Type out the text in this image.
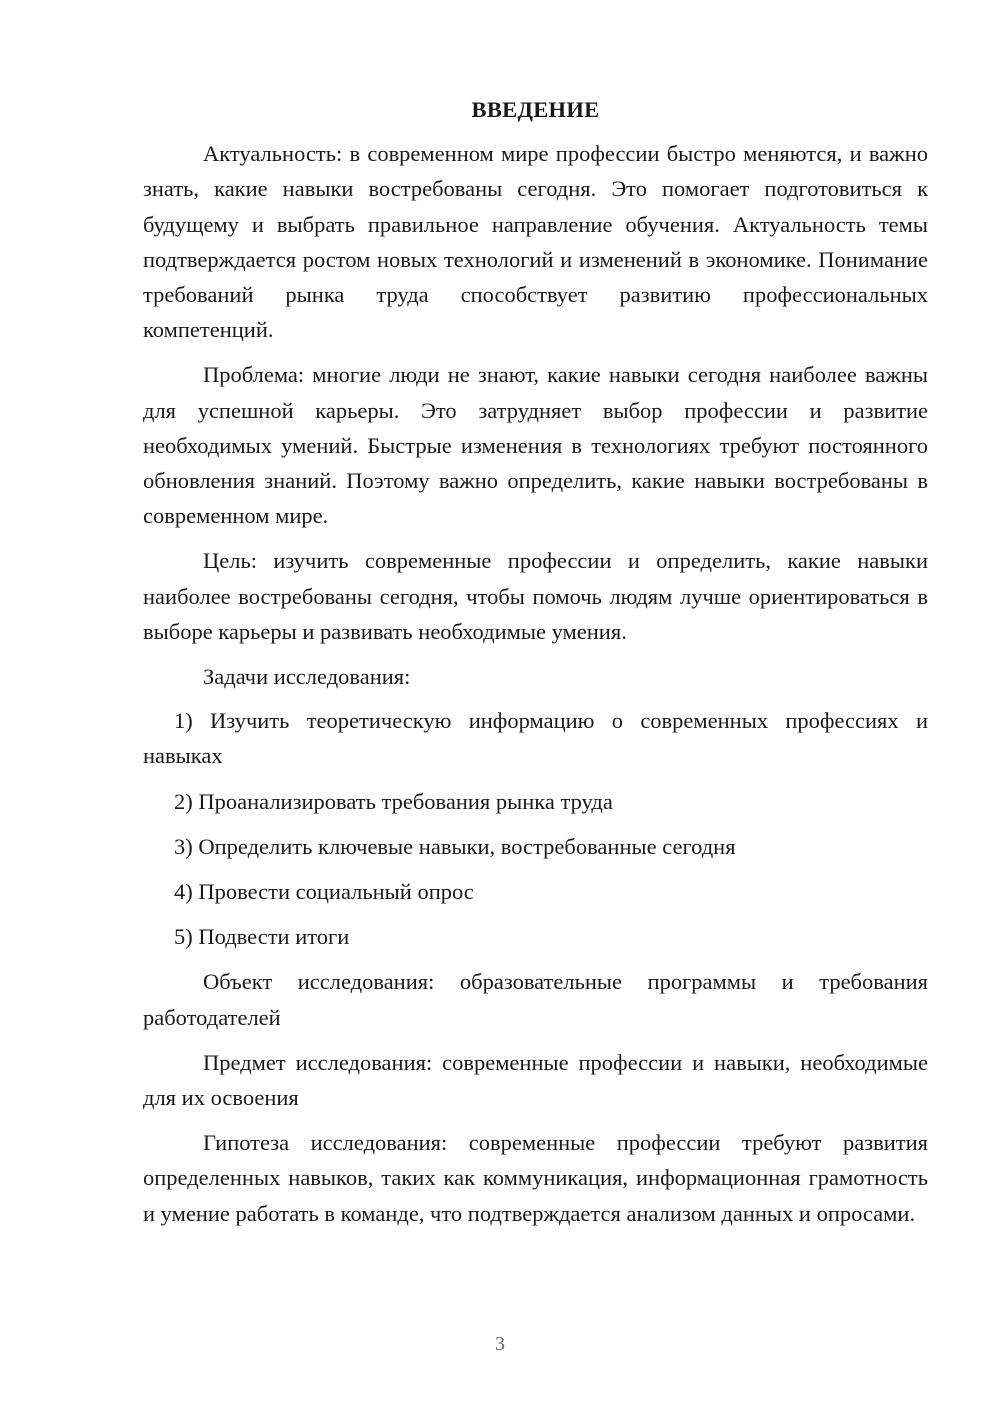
ВВЕДЕНИЕ

Актуальность: в современном мире профессии быстро меняются, и важно знать, какие навыки востребованы сегодня. Это помогает подготовиться к будущему и выбрать правильное направление обучения. Актуальность темы подтверждается ростом новых технологий и изменений в экономике. Понимание требований рынка труда способствует развитию профессиональных компетенций.

Проблема: многие люди не знают, какие навыки сегодня наиболее важны для успешной карьеры. Это затрудняет выбор профессии и развитие необходимых умений. Быстрые изменения в технологиях требуют постоянного обновления знаний. Поэтому важно определить, какие навыки востребованы в современном мире.

Цель: изучить современные профессии и определить, какие навыки наиболее востребованы сегодня, чтобы помочь людям лучше ориентироваться в выборе карьеры и развивать необходимые умения.

Задачи исследования:

1) Изучить теоретическую информацию о современных профессиях и навыках

2) Проанализировать требования рынка труда

3) Определить ключевые навыки, востребованные сегодня

4) Провести социальный опрос

5) Подвести итоги

Объект исследования: образовательные программы и требования работодателей

Предмет исследования: современные профессии и навыки, необходимые для их освоения

Гипотеза исследования: современные профессии требуют развития определенных навыков, таких как коммуникация, информационная грамотность и умение работать в команде, что подтверждается анализом данных и опросами.

3
